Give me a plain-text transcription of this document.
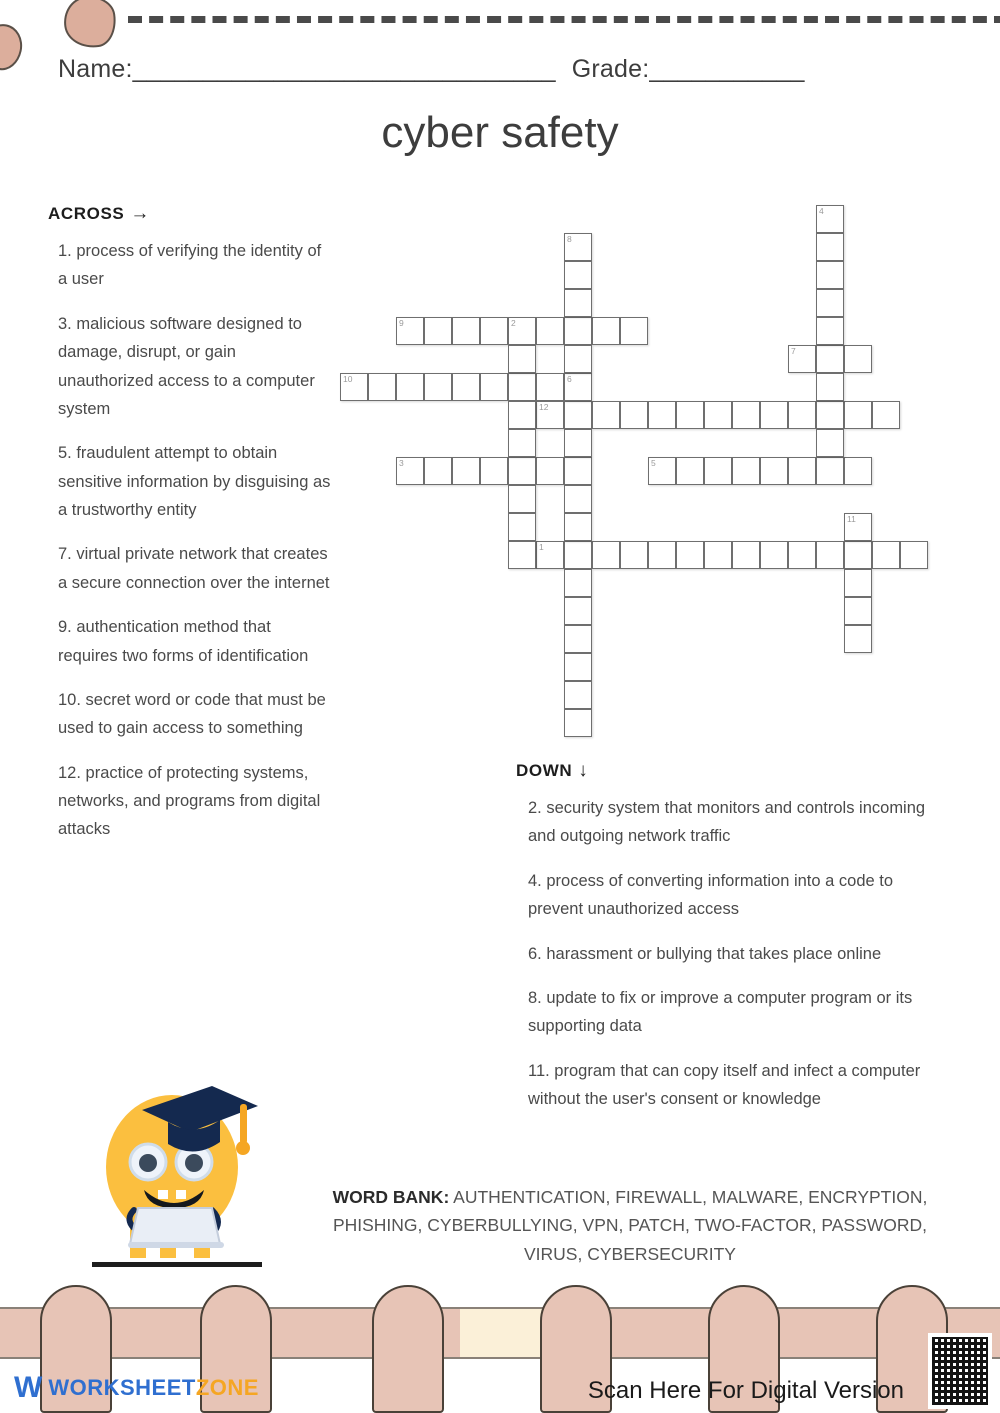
Name:______________________________ Grade:___________
cyber safety
ACROSS →

1. process of verifying the identity of a user

3. malicious software designed to damage, disrupt, or gain unauthorized access to a computer system

5. fraudulent attempt to obtain sensitive information by disguising as a trustworthy entity

7. virtual private network that creates a secure connection over the internet

9. authentication method that requires two forms of identification

10. secret word or code that must be used to gain access to something

12. practice of protecting systems, networks, and programs from digital attacks

1
3	5
7
9	2
10
12
4
6
8
11
DOWN ↓

2. security system that monitors and controls incoming and outgoing network traffic

4. process of converting information into a code to prevent unauthorized access

6. harassment or bullying that takes place online

8. update to fix or improve a computer program or its supporting data

11. program that can copy itself and infect a computer without the user's consent or knowledge

WORD BANK: AUTHENTICATION, FIREWALL, MALWARE, ENCRYPTION, PHISHING, CYBERBULLYING, VPN, PATCH, TWO-FACTOR, PASSWORD, VIRUS, CYBERSECURITY
W WORKSHEETZONE	Scan Here For Digital Version
